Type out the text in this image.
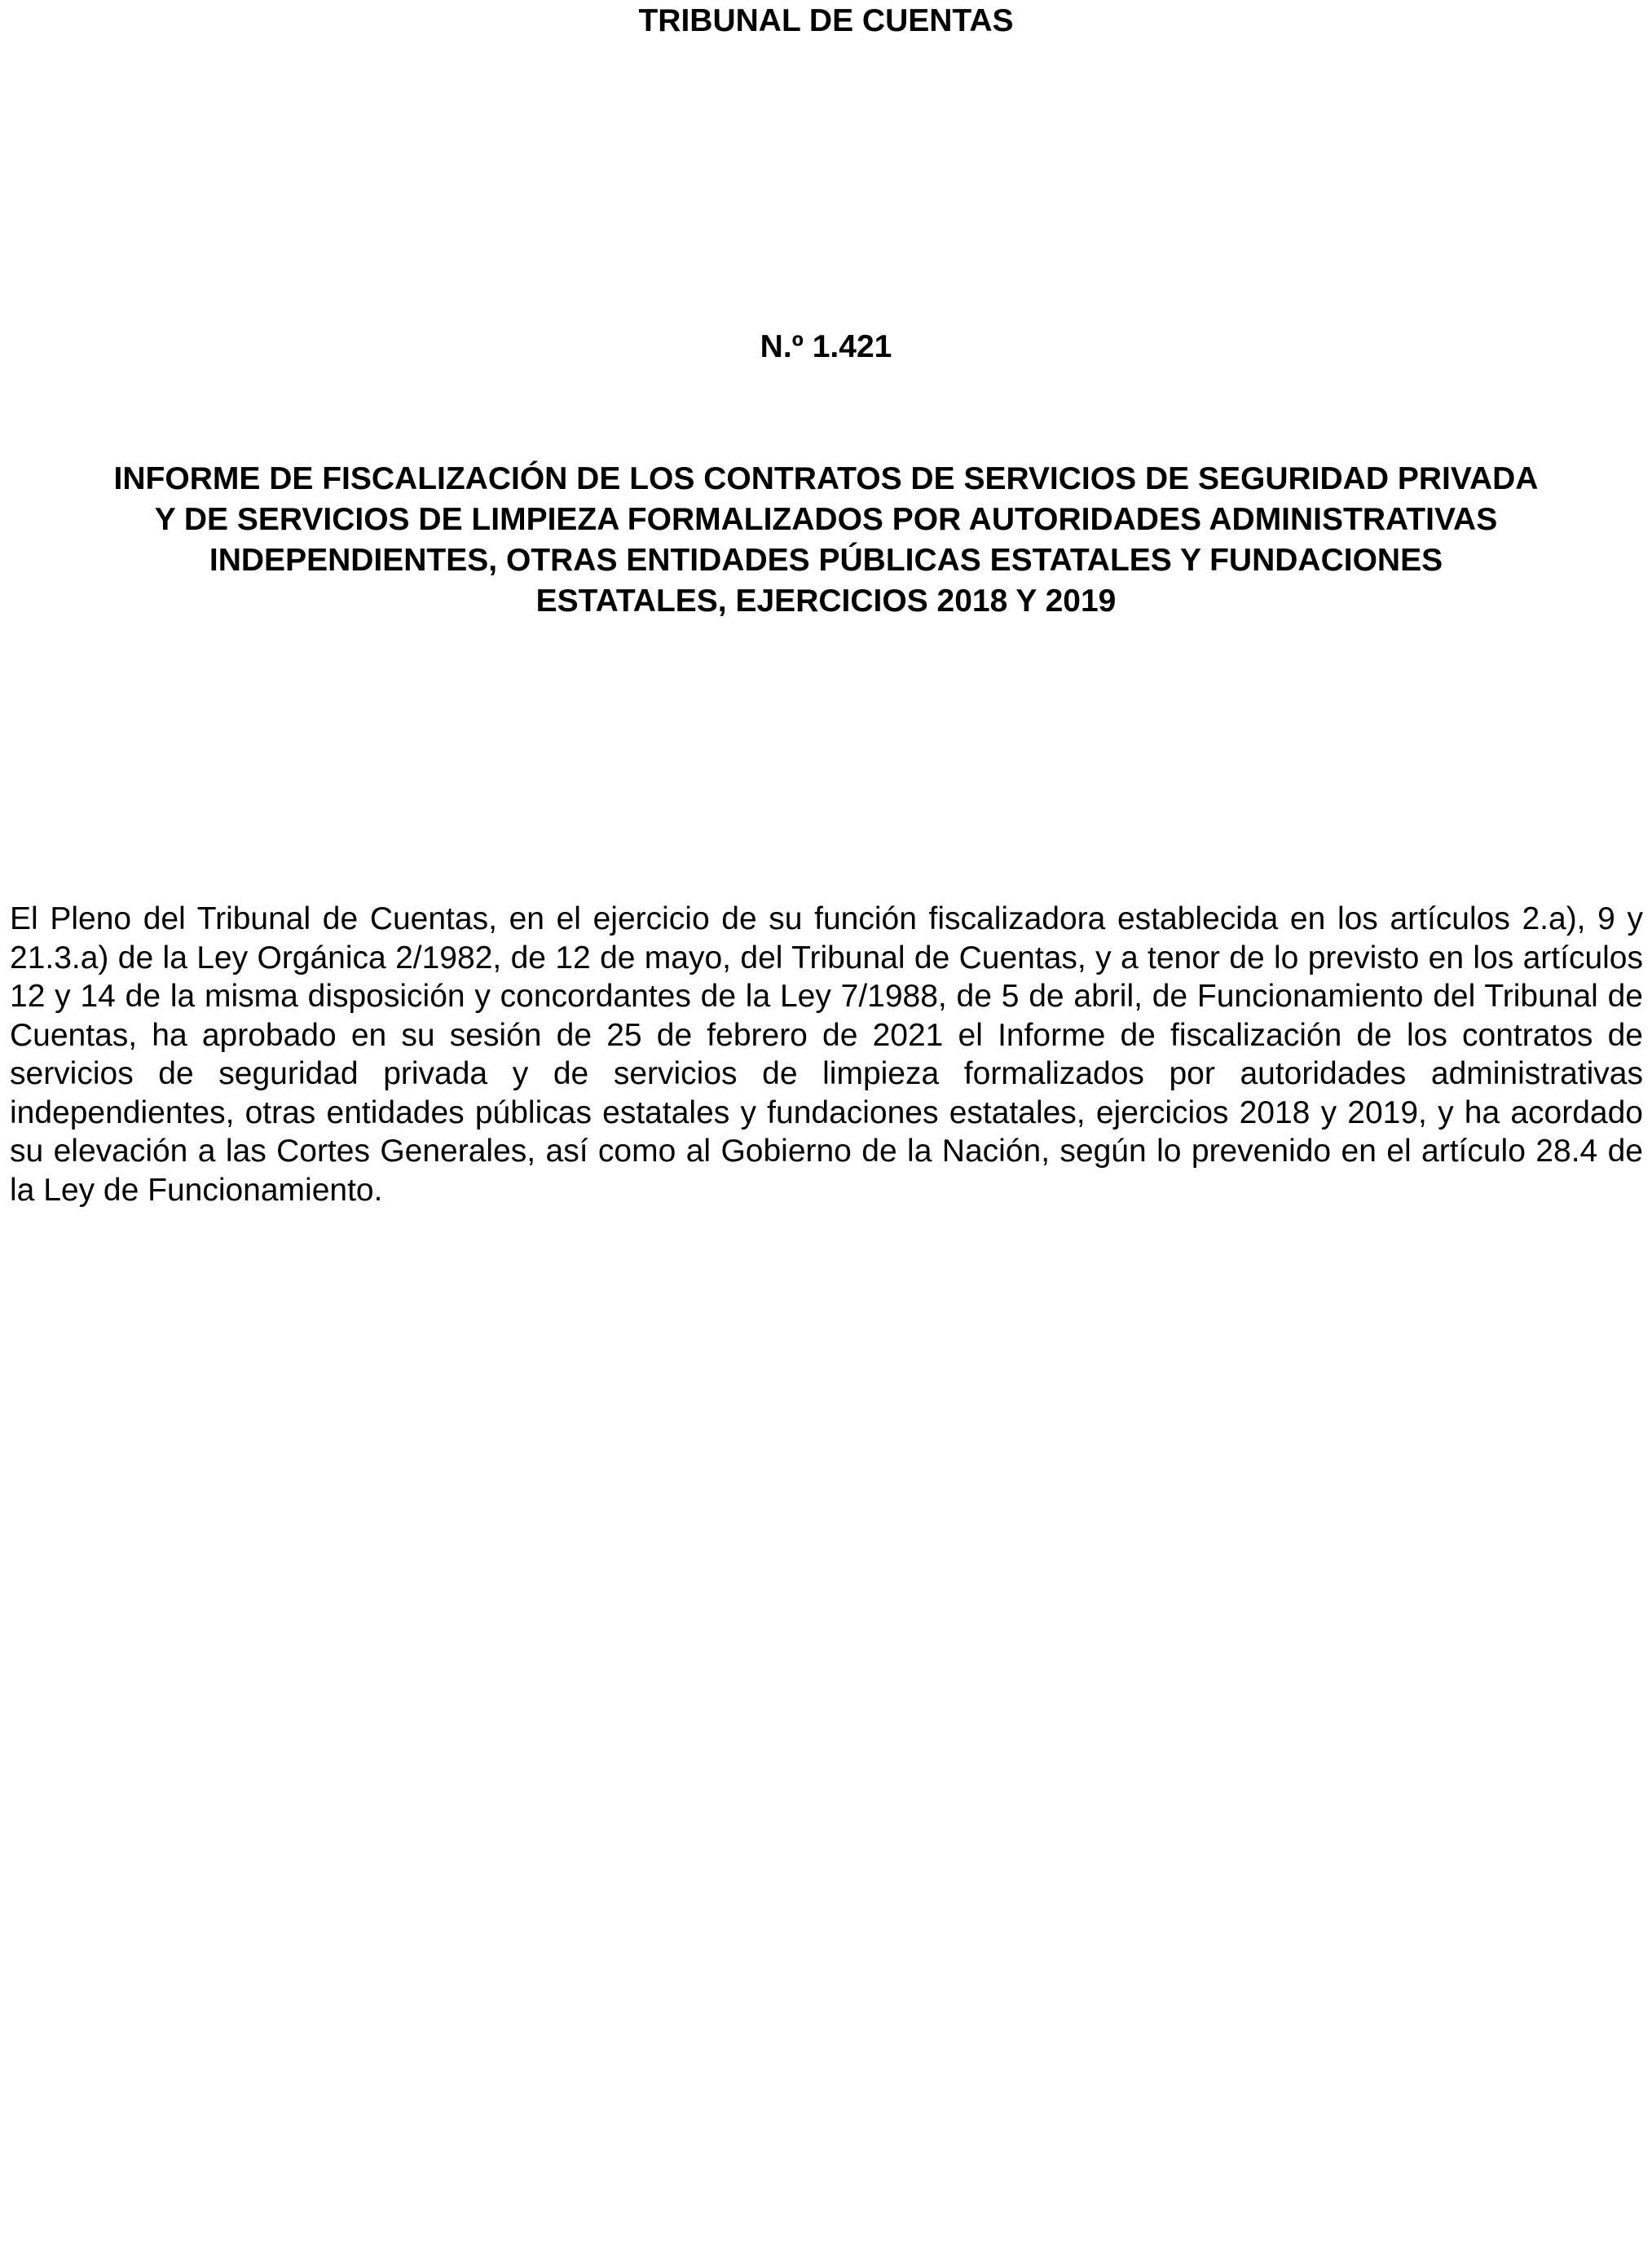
TRIBUNAL DE CUENTAS
N.º 1.421
INFORME DE FISCALIZACIÓN DE LOS CONTRATOS DE SERVICIOS DE SEGURIDAD PRIVADA
Y DE SERVICIOS DE LIMPIEZA FORMALIZADOS POR AUTORIDADES ADMINISTRATIVAS
INDEPENDIENTES, OTRAS ENTIDADES PÚBLICAS ESTATALES Y FUNDACIONES
ESTATALES, EJERCICIOS 2018 Y 2019

El Pleno del Tribunal de Cuentas, en el ejercicio de su función fiscalizadora establecida en los artículos 2.a), 9 y 21.3.a) de la Ley Orgánica 2/1982, de 12 de mayo, del Tribunal de Cuentas, y a tenor de lo previsto en los artículos 12 y 14 de la misma disposición y concordantes de la Ley 7/1988, de 5 de abril, de Funcionamiento del Tribunal de Cuentas, ha aprobado en su sesión de 25 de febrero de 2021 el Informe de fiscalización de los contratos de servicios de seguridad privada y de servicios de limpieza formalizados por autoridades administrativas independientes, otras entidades públicas estatales y fundaciones estatales, ejercicios 2018 y 2019, y ha acordado su elevación a las Cortes Generales, así como al Gobierno de la Nación, según lo prevenido en el artículo 28.4 de la Ley de Funcionamiento.
